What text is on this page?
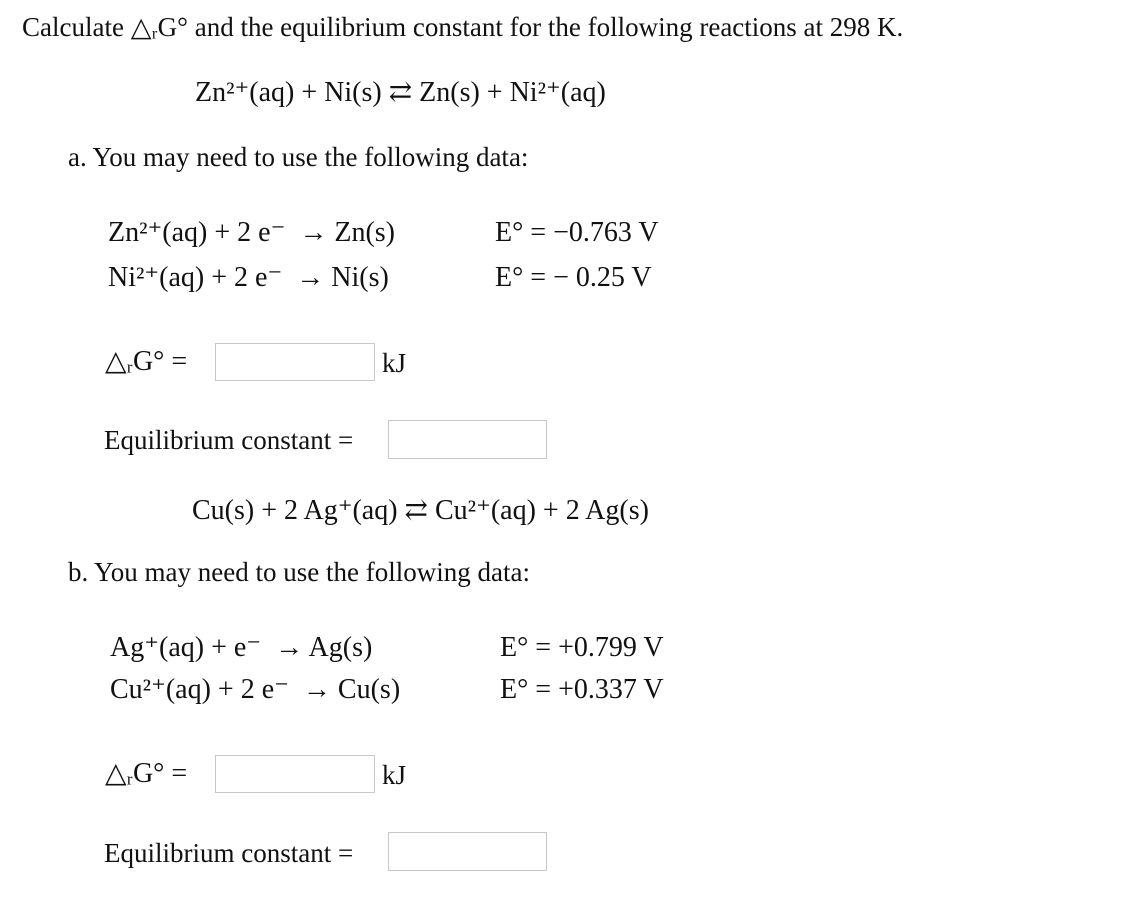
Calculate △ᵣG° and the equilibrium constant for the following reactions at 298 K.
Zn²⁺(aq) + Ni(s) ⇄ Zn(s) + Ni²⁺(aq)
a. You may need to use the following data:
Zn²⁺(aq) + 2 e⁻  → Zn(s)	E° = −0.763 V
Ni²⁺(aq) + 2 e⁻  → Ni(s)	E° = − 0.25 V
△ᵣG° =	kJ
Equilibrium constant =
Cu(s) + 2 Ag⁺(aq) ⇄ Cu²⁺(aq) + 2 Ag(s)
b. You may need to use the following data:
Ag⁺(aq) + e⁻  → Ag(s)	E° = +0.799 V
Cu²⁺(aq) + 2 e⁻  → Cu(s)	E° = +0.337 V
△ᵣG° =	kJ
Equilibrium constant =
